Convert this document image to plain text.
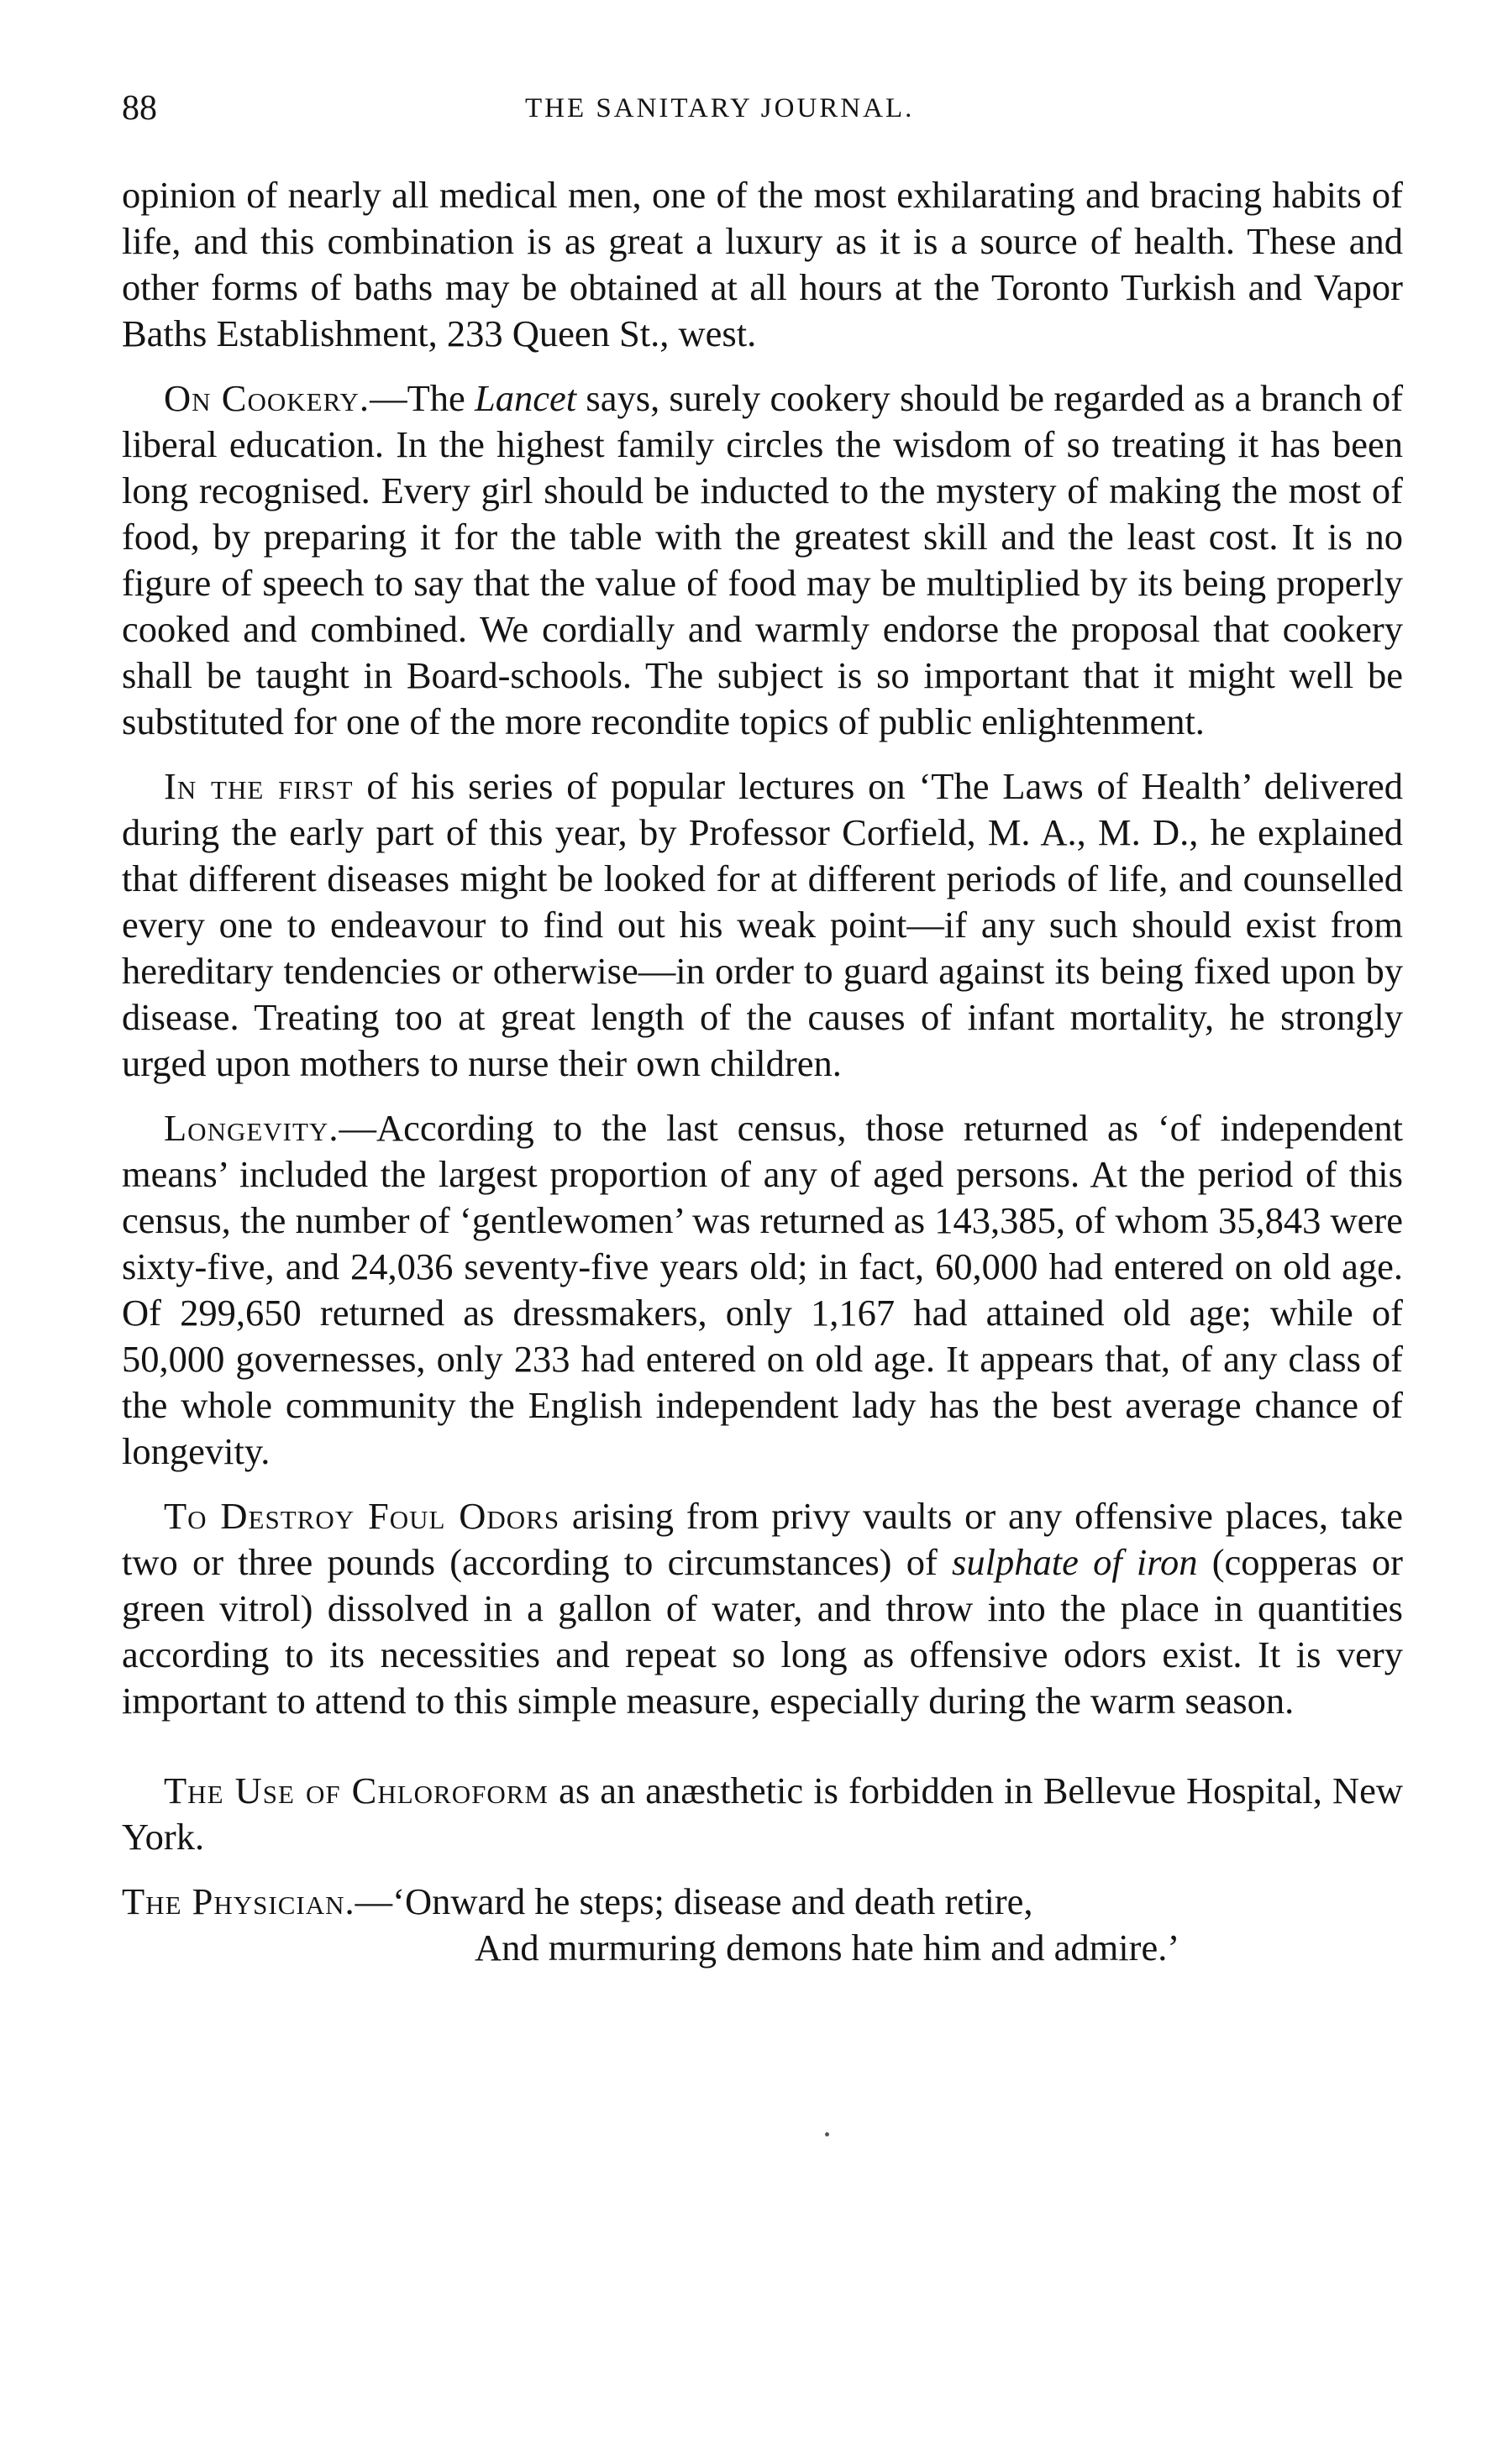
88	THE SANITARY JOURNAL.

opinion of nearly all medical men, one of the most exhilarating and bracing habits of life, and this combination is as great a luxury as it is a source of health. These and other forms of baths may be obtained at all hours at the Toronto Turkish and Vapor Baths Establishment, 233 Queen St., west.

On Cookery.—The Lancet says, surely cookery should be regarded as a branch of liberal education. In the highest family circles the wisdom of so treating it has been long recognised. Every girl should be inducted to the mystery of making the most of food, by preparing it for the table with the greatest skill and the least cost. It is no figure of speech to say that the value of food may be multiplied by its being properly cooked and combined. We cordially and warmly endorse the proposal that cookery shall be taught in Board-schools. The subject is so important that it might well be substituted for one of the more recondite topics of public enlightenment.

In the first of his series of popular lectures on ‘The Laws of Health’ delivered during the early part of this year, by Professor Corfield, M. A., M. D., he explained that different diseases might be looked for at different periods of life, and counselled every one to endeavour to find out his weak point—if any such should exist from hereditary tendencies or otherwise—in order to guard against its being fixed upon by disease. Treating too at great length of the causes of infant mortality, he strongly urged upon mothers to nurse their own children.

Longevity.—According to the last census, those returned as ‘of independent means’ included the largest proportion of any of aged persons. At the period of this census, the number of ‘gentlewomen’ was returned as 143,385, of whom 35,843 were sixty-five, and 24,036 seventy-five years old; in fact, 60,000 had entered on old age. Of 299,650 returned as dressmakers, only 1,167 had attained old age; while of 50,000 governesses, only 233 had entered on old age. It appears that, of any class of the whole community the English independent lady has the best average chance of longevity.

To Destroy Foul Odors arising from privy vaults or any offensive places, take two or three pounds (according to circumstances) of sulphate of iron (copperas or green vitrol) dissolved in a gallon of water, and throw into the place in quantities according to its necessities and repeat so long as offensive odors exist. It is very important to attend to this simple measure, especially during the warm season.

The Use of Chloroform as an anæsthetic is forbidden in Bellevue Hospital, New York.

The Physician.—‘Onward he steps; disease and death retire,
And murmuring demons hate him and admire.’
